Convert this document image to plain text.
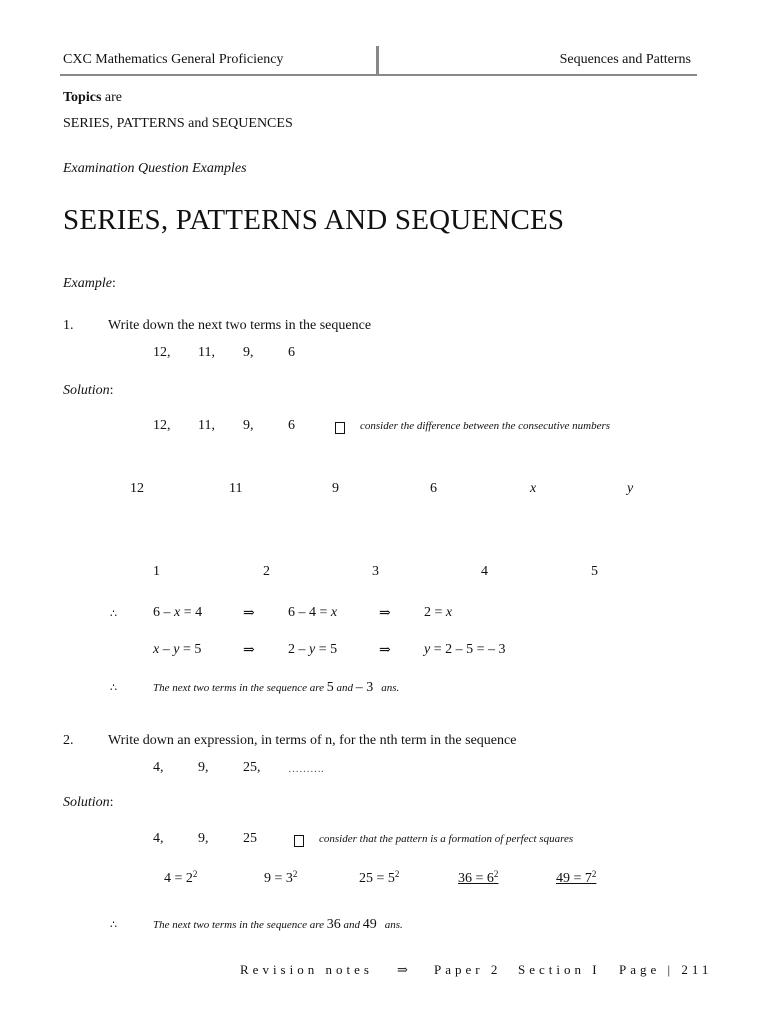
CXC Mathematics General Proficiency	Sequences and Patterns
Topics are
SERIES, PATTERNS and SEQUENCES
Examination Question Examples
SERIES, PATTERNS AND SEQUENCES
Example:
1. Write down the next two terms in the sequence
12, 11, 9, 6
Solution:
12, 11, 9, 6	consider the difference between the consecutive numbers
12	11	9	6	x	y
1	2	3	4	5
∴	6 – x = 4	⇒ 6 – 4 = x	⇒ 2 = x
x – y = 5	⇒ 2 – y = 5	⇒ y = 2 – 5 = – 3
∴	The next two terms in the sequence are 5 and – 3 ans.
2. Write down an expression, in terms of n, for the nth term in the sequence
4, 9, 25,	……….
Solution:
4, 9, 25	consider that the pattern is a formation of perfect squares
$4 = 2^2$	$9 = 3^2$	$25 = 5^2$	$36 = 6^2$	$49 = 7^2$
∴	The next two terms in the sequence are 36 and 49 ans.
Revision notes ⇒ Paper 2 Section I Page | 211
